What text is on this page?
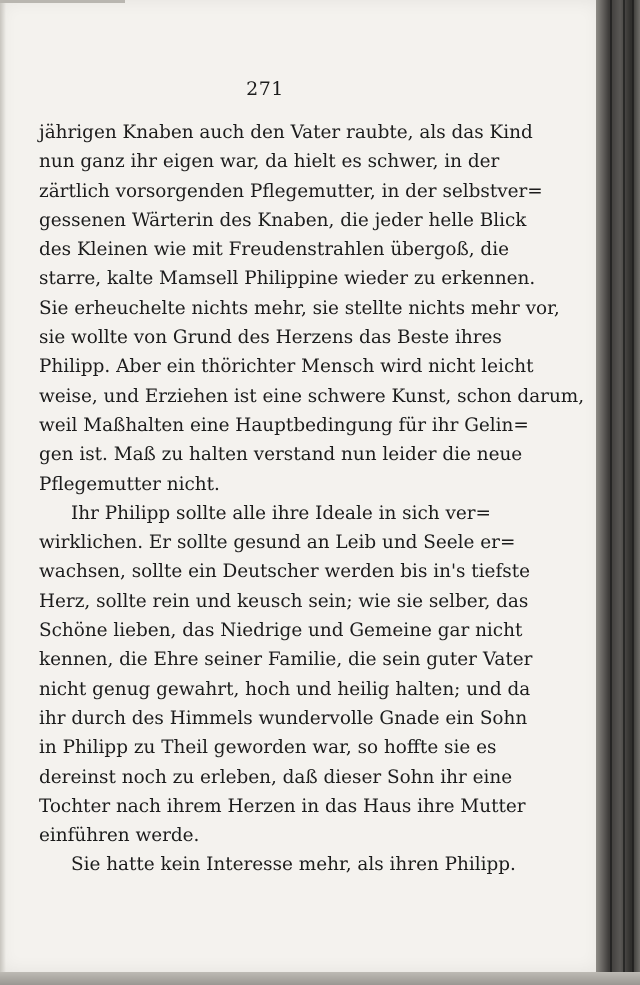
271
jährigen Knaben auch den Vater raubte, als das Kind
nun ganz ihr eigen war, da hielt es schwer, in der
zärtlich vorsorgenden Pflegemutter, in der selbstver=
gessenen Wärterin des Knaben, die jeder helle Blick
des Kleinen wie mit Freudenstrahlen übergoß, die
starre, kalte Mamsell Philippine wieder zu erkennen.
Sie erheuchelte nichts mehr, sie stellte nichts mehr vor,
sie wollte von Grund des Herzens das Beste ihres
Philipp. Aber ein thörichter Mensch wird nicht leicht
weise, und Erziehen ist eine schwere Kunst, schon darum,
weil Maßhalten eine Hauptbedingung für ihr Gelin=
gen ist. Maß zu halten verstand nun leider die neue
Pflegemutter nicht.
Ihr Philipp sollte alle ihre Ideale in sich ver=
wirklichen. Er sollte gesund an Leib und Seele er=
wachsen, sollte ein Deutscher werden bis in's tiefste
Herz, sollte rein und keusch sein; wie sie selber, das
Schöne lieben, das Niedrige und Gemeine gar nicht
kennen, die Ehre seiner Familie, die sein guter Vater
nicht genug gewahrt, hoch und heilig halten; und da
ihr durch des Himmels wundervolle Gnade ein Sohn
in Philipp zu Theil geworden war, so hoffte sie es
dereinst noch zu erleben, daß dieser Sohn ihr eine
Tochter nach ihrem Herzen in das Haus ihre Mutter
einführen werde.
Sie hatte kein Interesse mehr, als ihren Philipp.
